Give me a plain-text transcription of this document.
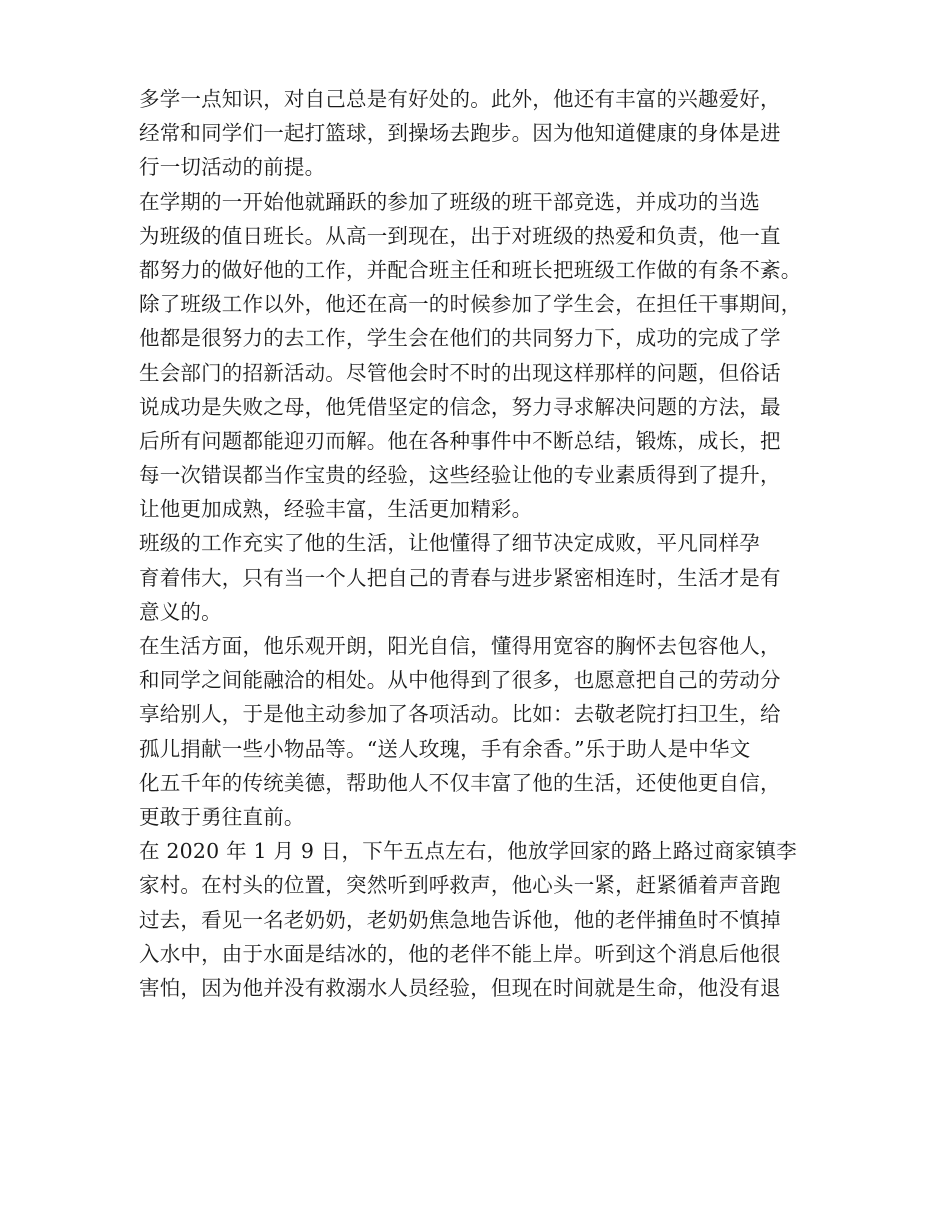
多学一点知识，对自己总是有好处的。此外，他还有丰富的兴趣爱好，
经常和同学们一起打篮球，到操场去跑步。因为他知道健康的身体是进
行一切活动的前提。
在学期的一开始他就踊跃的参加了班级的班干部竞选，并成功的当选
为班级的值日班长。从高一到现在，出于对班级的热爱和负责，他一直
都努力的做好他的工作，并配合班主任和班长把班级工作做的有条不紊。
除了班级工作以外，他还在高一的时候参加了学生会，在担任干事期间，
他都是很努力的去工作，学生会在他们的共同努力下，成功的完成了学
生会部门的招新活动。尽管他会时不时的出现这样那样的问题，但俗话
说成功是失败之母，他凭借坚定的信念，努力寻求解决问题的方法，最
后所有问题都能迎刃而解。他在各种事件中不断总结，锻炼，成长，把
每一次错误都当作宝贵的经验，这些经验让他的专业素质得到了提升，
让他更加成熟，经验丰富，生活更加精彩。
班级的工作充实了他的生活，让他懂得了细节决定成败，平凡同样孕
育着伟大，只有当一个人把自己的青春与进步紧密相连时，生活才是有
意义的。
在生活方面，他乐观开朗，阳光自信，懂得用宽容的胸怀去包容他人，
和同学之间能融洽的相处。从中他得到了很多，也愿意把自己的劳动分
享给别人，于是他主动参加了各项活动。比如：去敬老院打扫卫生，给
孤儿捐献一些小物品等。“送人玫瑰，手有余香。”乐于助人是中华文
化五千年的传统美德，帮助他人不仅丰富了他的生活，还使他更自信，
更敢于勇往直前。
在 2020 年 1 月 9 日，下午五点左右，他放学回家的路上路过商家镇李
家村。在村头的位置，突然听到呼救声，他心头一紧，赶紧循着声音跑
过去，看见一名老奶奶，老奶奶焦急地告诉他，他的老伴捕鱼时不慎掉
入水中，由于水面是结冰的，他的老伴不能上岸。听到这个消息后他很
害怕，因为他并没有救溺水人员经验，但现在时间就是生命，他没有退
